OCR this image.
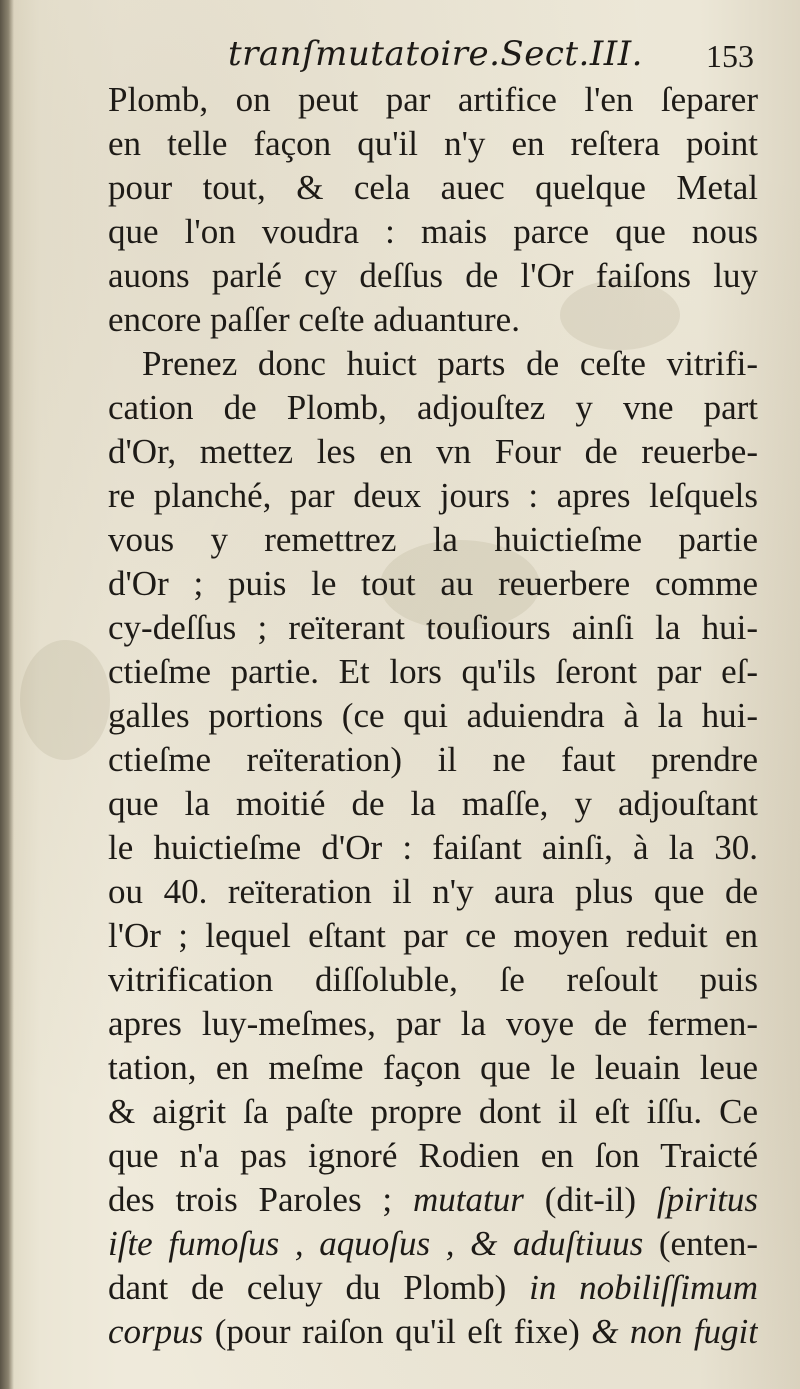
tranſmutatoire.Sect.III. 153
Plomb, on peut par artifice l'en ſeparer
en telle façon qu'il n'y en reſtera point
pour tout, & cela auec quelque Metal
que l'on voudra : mais parce que nous
auons parlé cy deſſus de l'Or faiſons luy
encore paſſer ceſte aduanture.
Prenez donc huict parts de ceſte vitrifi-
cation de Plomb, adjouſtez y vne part
d'Or, mettez les en vn Four de reuerbe-
re planché, par deux jours : apres leſquels
vous y remettrez la huictieſme partie
d'Or ; puis le tout au reuerbere comme
cy-deſſus ; reïterant touſiours ainſi la hui-
ctieſme partie. Et lors qu'ils ſeront par eſ-
galles portions (ce qui aduiendra à la hui-
ctieſme reïteration) il ne faut prendre
que la moitié de la maſſe, y adjouſtant
le huictieſme d'Or : faiſant ainſi, à la 30.
ou 40. reïteration il n'y aura plus que de
l'Or ; lequel eſtant par ce moyen reduit en
vitrification diſſoluble, ſe reſoult puis
apres luy-meſmes, par la voye de fermen-
tation, en meſme façon que le leuain leue
& aigrit ſa paſte propre dont il eſt iſſu. Ce
que n'a pas ignoré Rodien en ſon Traicté
des trois Paroles ; mutatur (dit-il) ſpiritus
iſte fumoſus , aquoſus , & aduſtiuus (enten-
dant de celuy du Plomb) in nobiliſſimum
corpus (pour raiſon qu'il eſt fixe) & non fugit
